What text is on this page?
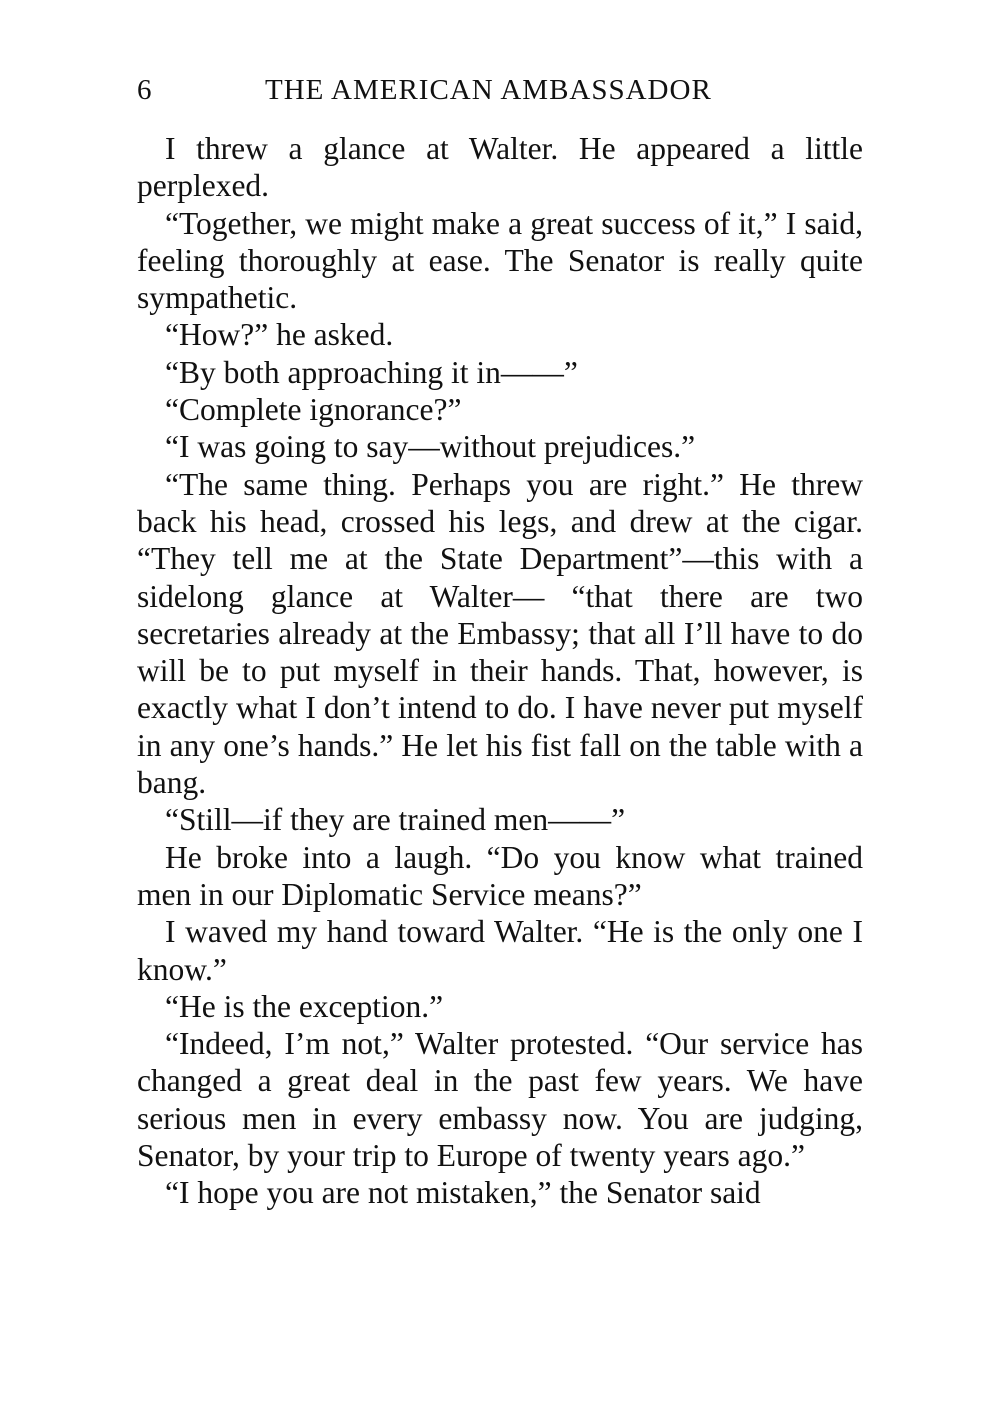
6	THE AMERICAN AMBASSADOR

I threw a glance at Walter. He appeared a little perplexed.

“Together, we might make a great success of it,” I said, feeling thoroughly at ease. The Senator is really quite sympathetic.

“How?” he asked.

“By both approaching it in——”

“Complete ignorance?”

“I was going to say—without prejudices.”

“The same thing. Perhaps you are right.” He threw back his head, crossed his legs, and drew at the cigar. “They tell me at the State Department”—this with a sidelong glance at Walter— “that there are two secretaries already at the Embassy; that all I’ll have to do will be to put myself in their hands. That, however, is exactly what I don’t intend to do. I have never put myself in any one’s hands.” He let his fist fall on the table with a bang.

“Still—if they are trained men——”

He broke into a laugh. “Do you know what trained men in our Diplomatic Service means?”

I waved my hand toward Walter. “He is the only one I know.”

“He is the exception.”

“Indeed, I’m not,” Walter protested. “Our service has changed a great deal in the past few years. We have serious men in every embassy now. You are judging, Senator, by your trip to Europe of twenty years ago.”

“I hope you are not mistaken,” the Senator said
